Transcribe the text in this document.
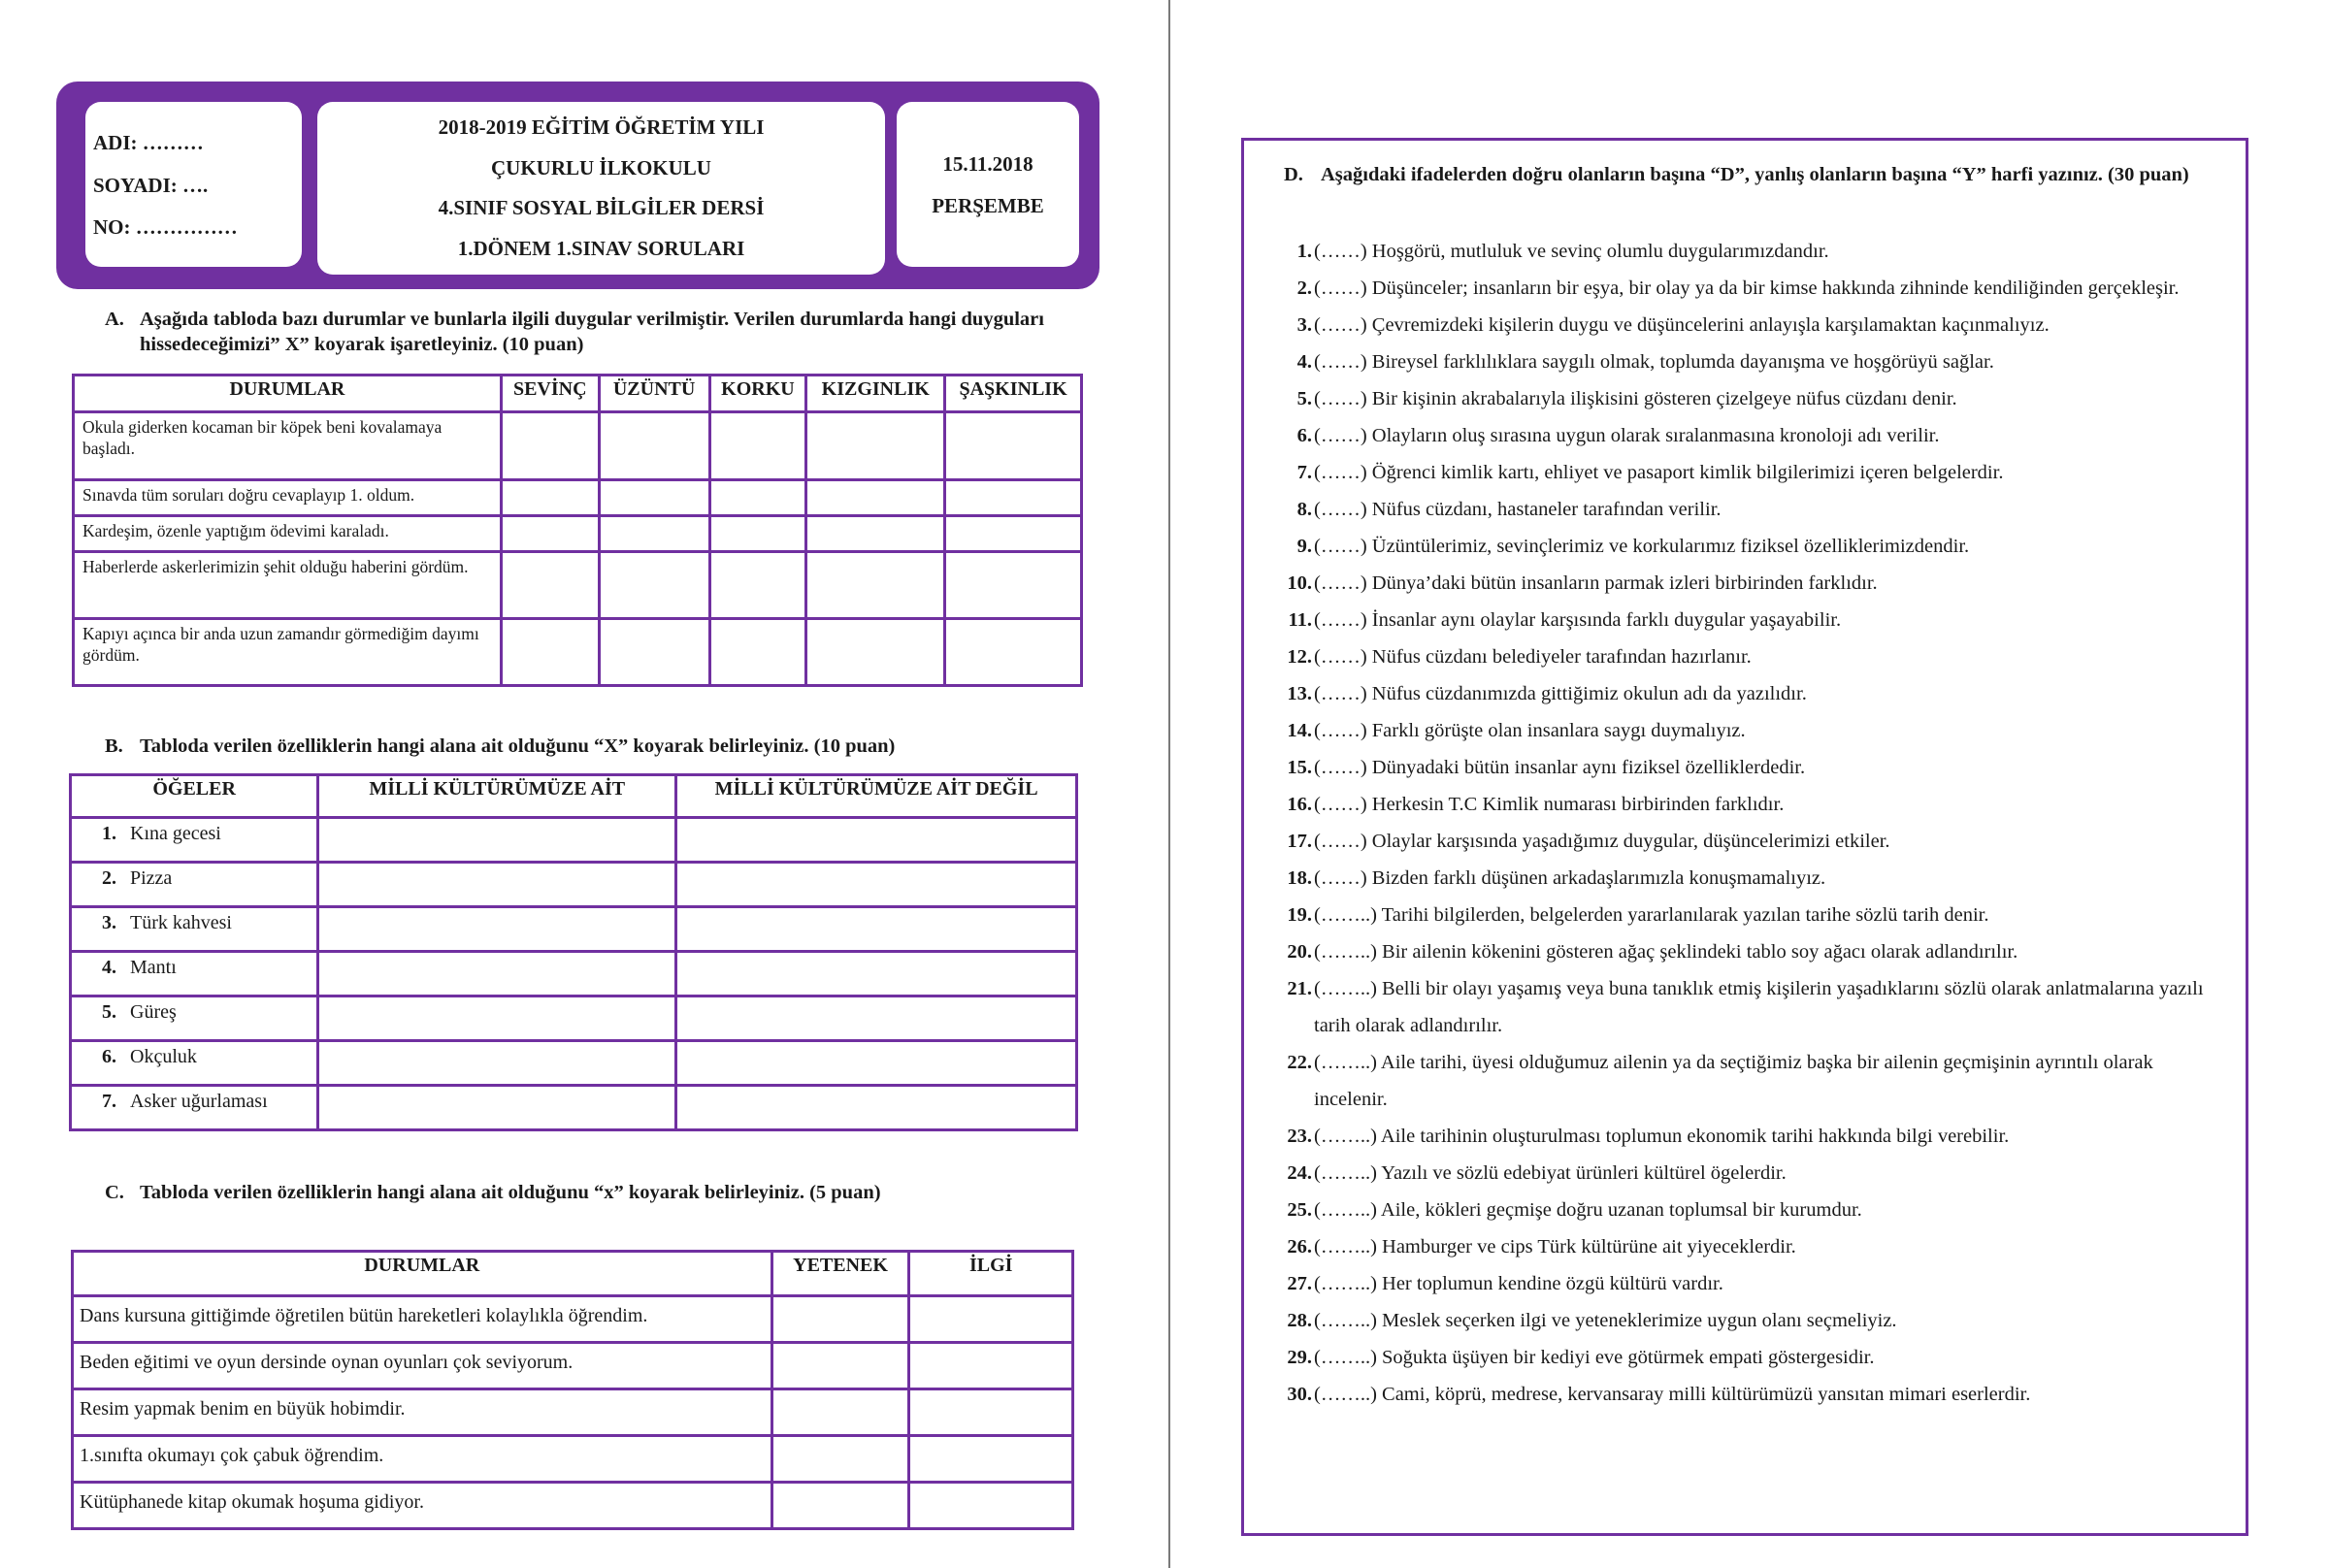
ADI: ………
SOYADI: ….
NO: ……………
2018-2019 EĞİTİM ÖĞRETİM YILI
ÇUKURLU İLKOKULU
4.SINIF SOSYAL BİLGİLER DERSİ
1.DÖNEM 1.SINAV SORULARI
15.11.2018
PERŞEMBE
A. Aşağıda tabloda bazı durumlar ve bunlarla ilgili duygular verilmiştir. Verilen durumlarda hangi duyguları hissedeceğimizi” X” koyarak işaretleyiniz. (10 puan)
DURUMLAR	SEVİNÇ	ÜZÜNTÜ	KORKU	KIZGINLIK	ŞAŞKINLIK
Okula giderken kocaman bir köpek beni kovalamaya başladı.					
Sınavda tüm soruları doğru cevaplayıp 1. oldum.					
Kardeşim, özenle yaptığım ödevimi karaladı.					
Haberlerde askerlerimizin şehit olduğu haberini gördüm.					
Kapıyı açınca bir anda uzun zamandır görmediğim dayımı gördüm.					
B. Tabloda verilen özelliklerin hangi alana ait olduğunu “X” koyarak belirleyiniz. (10 puan)
ÖĞELER	MİLLİ KÜLTÜRÜMÜZE AİT	MİLLİ KÜLTÜRÜMÜZE AİT DEĞİL
1. Kına gecesi		
2. Pizza		
3. Türk kahvesi		
4. Mantı		
5. Güreş		
6. Okçuluk		
7. Asker uğurlaması		
C. Tabloda verilen özelliklerin hangi alana ait olduğunu “x” koyarak belirleyiniz. (5 puan)
DURUMLAR	YETENEK	İLGİ
Dans kursuna gittiğimde öğretilen bütün hareketleri kolaylıkla öğrendim.		
Beden eğitimi ve oyun dersinde oynan oyunları çok seviyorum.		
Resim yapmak benim en büyük hobimdir.		
1.sınıfta okumayı çok çabuk öğrendim.		
Kütüphanede kitap okumak hoşuma gidiyor.		
D. Aşağıdaki ifadelerden doğru olanların başına “D”, yanlış olanların başına “Y” harfi yazınız. (30 puan)
1. (……) Hoşgörü, mutluluk ve sevinç olumlu duygularımızdandır.
2. (……) Düşünceler; insanların bir eşya, bir olay ya da bir kimse hakkında zihninde kendiliğinden gerçekleşir.
3. (……) Çevremizdeki kişilerin duygu ve düşüncelerini anlayışla karşılamaktan kaçınmalıyız.
4. (……) Bireysel farklılıklara saygılı olmak, toplumda dayanışma ve hoşgörüyü sağlar.
5. (……) Bir kişinin akrabalarıyla ilişkisini gösteren çizelgeye nüfus cüzdanı denir.
6. (……) Olayların oluş sırasına uygun olarak sıralanmasına kronoloji adı verilir.
7. (……) Öğrenci kimlik kartı, ehliyet ve pasaport kimlik bilgilerimizi içeren belgelerdir.
8. (……) Nüfus cüzdanı, hastaneler tarafından verilir.
9. (……) Üzüntülerimiz, sevinçlerimiz ve korkularımız fiziksel özelliklerimizdendir.
10. (……) Dünya’daki bütün insanların parmak izleri birbirinden farklıdır.
11. (……) İnsanlar aynı olaylar karşısında farklı duygular yaşayabilir.
12. (……) Nüfus cüzdanı belediyeler tarafından hazırlanır.
13. (……) Nüfus cüzdanımızda gittiğimiz okulun adı da yazılıdır.
14. (……) Farklı görüşte olan insanlara saygı duymalıyız.
15. (……) Dünyadaki bütün insanlar aynı fiziksel özelliklerdedir.
16. (……) Herkesin T.C Kimlik numarası birbirinden farklıdır.
17. (……) Olaylar karşısında yaşadığımız duygular, düşüncelerimizi etkiler.
18. (……) Bizden farklı düşünen arkadaşlarımızla konuşmamalıyız.
19. (……..) Tarihi bilgilerden, belgelerden yararlanılarak yazılan tarihe sözlü tarih denir.
20. (……..) Bir ailenin kökenini gösteren ağaç şeklindeki tablo soy ağacı olarak adlandırılır.
21. (……..) Belli bir olayı yaşamış veya buna tanıklık etmiş kişilerin yaşadıklarını sözlü olarak anlatmalarına yazılı tarih olarak adlandırılır.
22. (……..) Aile tarihi, üyesi olduğumuz ailenin ya da seçtiğimiz başka bir ailenin geçmişinin ayrıntılı olarak incelenir.
23. (……..) Aile tarihinin oluşturulması toplumun ekonomik tarihi hakkında bilgi verebilir.
24. (……..) Yazılı ve sözlü edebiyat ürünleri kültürel ögelerdir.
25. (……..) Aile, kökleri geçmişe doğru uzanan toplumsal bir kurumdur.
26. (……..) Hamburger ve cips Türk kültürüne ait yiyeceklerdir.
27. (……..) Her toplumun kendine özgü kültürü vardır.
28. (……..) Meslek seçerken ilgi ve yeteneklerimize uygun olanı seçmeliyiz.
29. (……..) Soğukta üşüyen bir kediyi eve götürmek empati göstergesidir.
30. (……..) Cami, köprü, medrese, kervansaray milli kültürümüzü yansıtan mimari eserlerdir.
